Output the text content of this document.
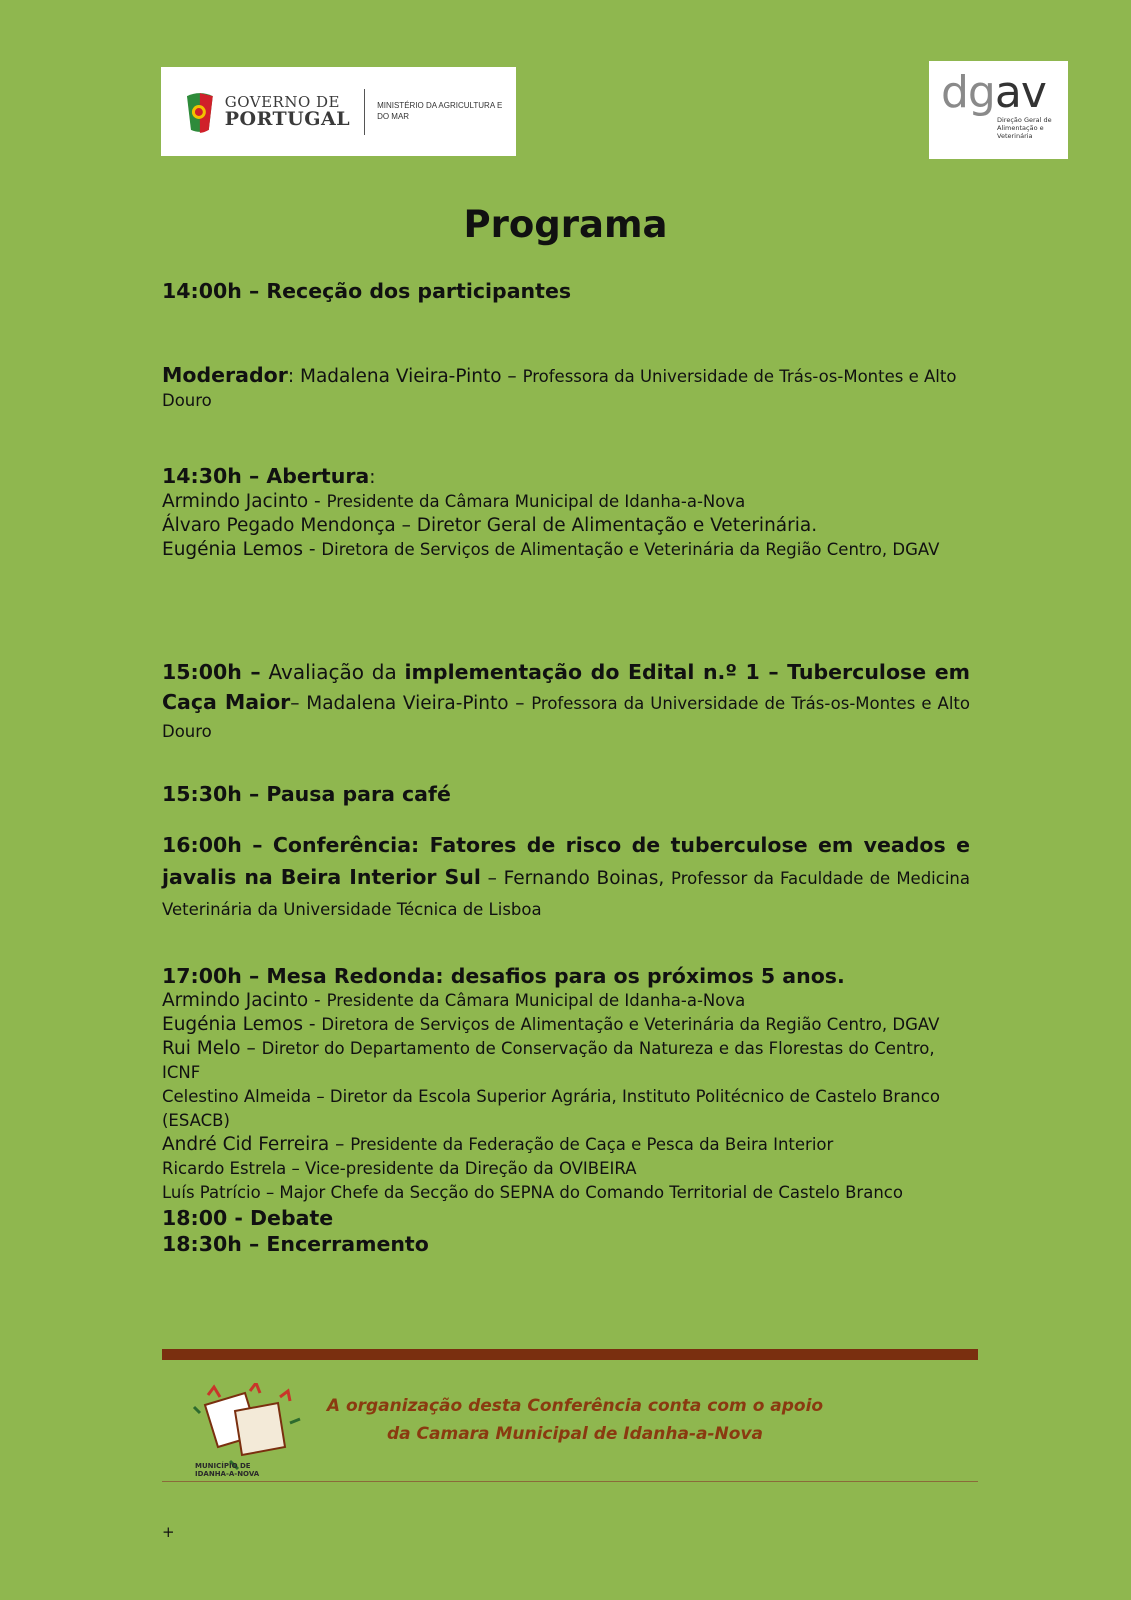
GOVERNO DE
PORTUGAL
MINISTÉRIO DA AGRICULTURA E DO MAR	dgav
Direção Geral de Alimentação e Veterinária
Programa

14:00h – Receção dos participantes

Moderador: Madalena Vieira-Pinto – Professora da Universidade de Trás-os-Montes e Alto Douro

14:30h – Abertura:

Armindo Jacinto - Presidente da Câmara Municipal de Idanha-a-Nova

Álvaro Pegado Mendonça – Diretor Geral de Alimentação e Veterinária.

Eugénia Lemos - Diretora de Serviços de Alimentação e Veterinária da Região Centro, DGAV

15:00h – Avaliação da implementação do Edital n.º 1 – Tuberculose em Caça Maior– Madalena Vieira-Pinto – Professora da Universidade de Trás-os-Montes e Alto Douro

15:30h – Pausa para café

16:00h – Conferência: Fatores de risco de tuberculose em veados e javalis na Beira Interior Sul – Fernando Boinas, Professor da Faculdade de Medicina Veterinária da Universidade Técnica de Lisboa

17:00h – Mesa Redonda: desafios para os próximos 5 anos.

Armindo Jacinto - Presidente da Câmara Municipal de Idanha-a-Nova

Eugénia Lemos - Diretora de Serviços de Alimentação e Veterinária da Região Centro, DGAV

Rui Melo – Diretor do Departamento de Conservação da Natureza e das Florestas do Centro, ICNF

Celestino Almeida – Diretor da Escola Superior Agrária, Instituto Politécnico de Castelo Branco (ESACB)

André Cid Ferreira – Presidente da Federação de Caça e Pesca da Beira Interior

Ricardo Estrela – Vice-presidente da Direção da OVIBEIRA

Luís Patrício – Major Chefe da Secção do SEPNA do Comando Territorial de Castelo Branco

18:00 - Debate

18:30h – Encerramento

MUNICÍPIO DE
IDANHA-A-NOVA
A organização desta Conferência conta com o apoio
da Camara Municipal de Idanha-a-Nova
+
